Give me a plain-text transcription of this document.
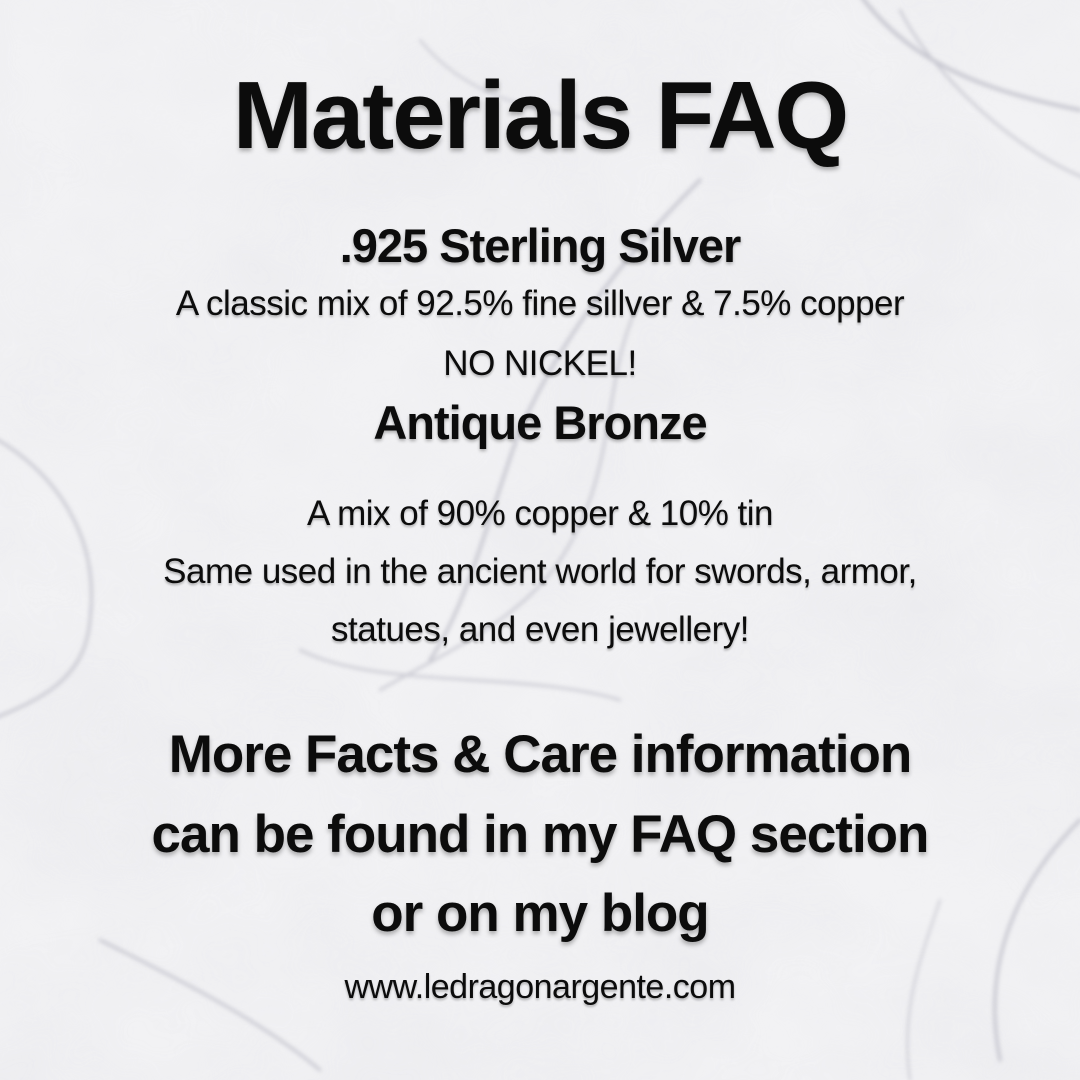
Materials FAQ
.925 Sterling Silver

A classic mix of 92.5% fine sillver & 7.5% copper

NO NICKEL!

Antique Bronze

A mix of 90% copper & 10% tin

Same used in the ancient world for swords, armor,

statues, and even jewellery!

More Facts & Care information
can be found in my FAQ section
or on my blog

www.ledragonargente.com
